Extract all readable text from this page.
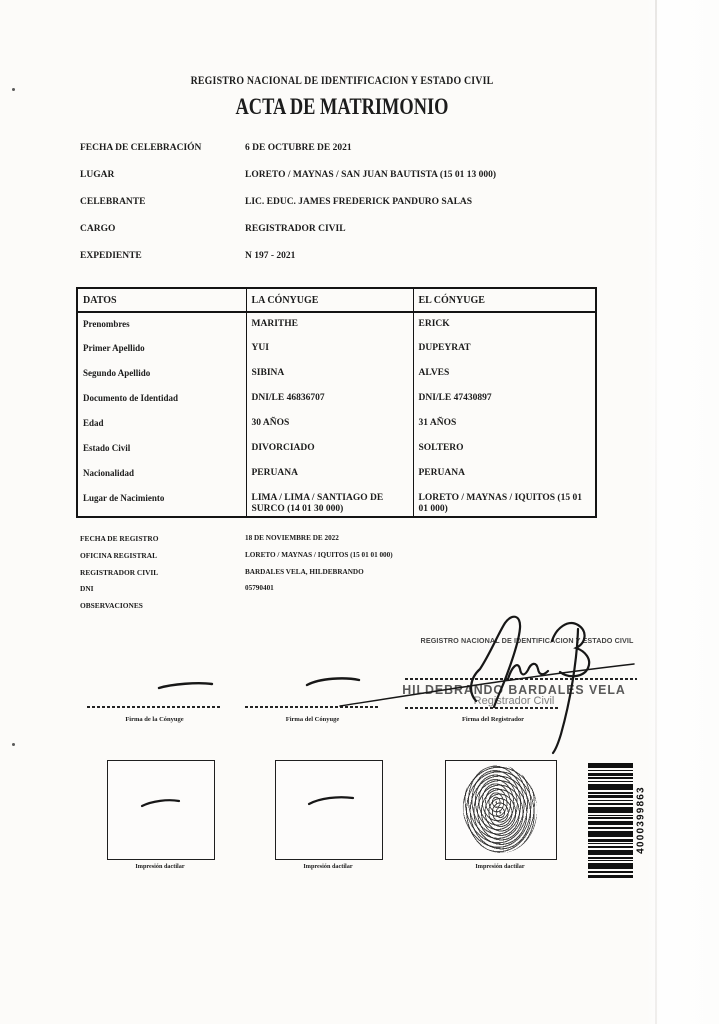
REGISTRO NACIONAL DE IDENTIFICACION Y ESTADO CIVIL
ACTA DE MATRIMONIO
FECHA DE CELEBRACIÓN	6 DE OCTUBRE DE 2021
LUGAR	LORETO / MAYNAS / SAN JUAN BAUTISTA (15 01 13 000)
CELEBRANTE	LIC. EDUC. JAMES FREDERICK PANDURO SALAS
CARGO	REGISTRADOR CIVIL
EXPEDIENTE	N 197 - 2021
DATOS	LA CÓNYUGE	EL CÓNYUGE
Prenombres	MARITHE	ERICK
Primer Apellido	YUI	DUPEYRAT
Segundo Apellido	SIBINA	ALVES
Documento de Identidad	DNI/LE 46836707	DNI/LE 47430897
Edad	30 AÑOS	31 AÑOS
Estado Civil	DIVORCIADO	SOLTERO
Nacionalidad	PERUANA	PERUANA
Lugar de Nacimiento	LIMA / LIMA / SANTIAGO DE SURCO (14 01 30 000)	LORETO / MAYNAS / IQUITOS (15 01 01 000)
FECHA DE REGISTRO	18 DE NOVIEMBRE DE 2022
OFICINA REGISTRAL	LORETO / MAYNAS / IQUITOS (15 01 01 000)
REGISTRADOR CIVIL	BARDALES VELA, HILDEBRANDO
DNI	05790401
OBSERVACIONES
REGISTRO NACIONAL DE IDENTIFICACION Y ESTADO CIVIL
HILDEBRANDO BARDALES VELA
Registrador Civil
Firma de la Cónyuge	Firma del Cónyuge	Firma del Registrador
Impresión dactilar	Impresión dactilar	Impresión dactilar
4000399863
